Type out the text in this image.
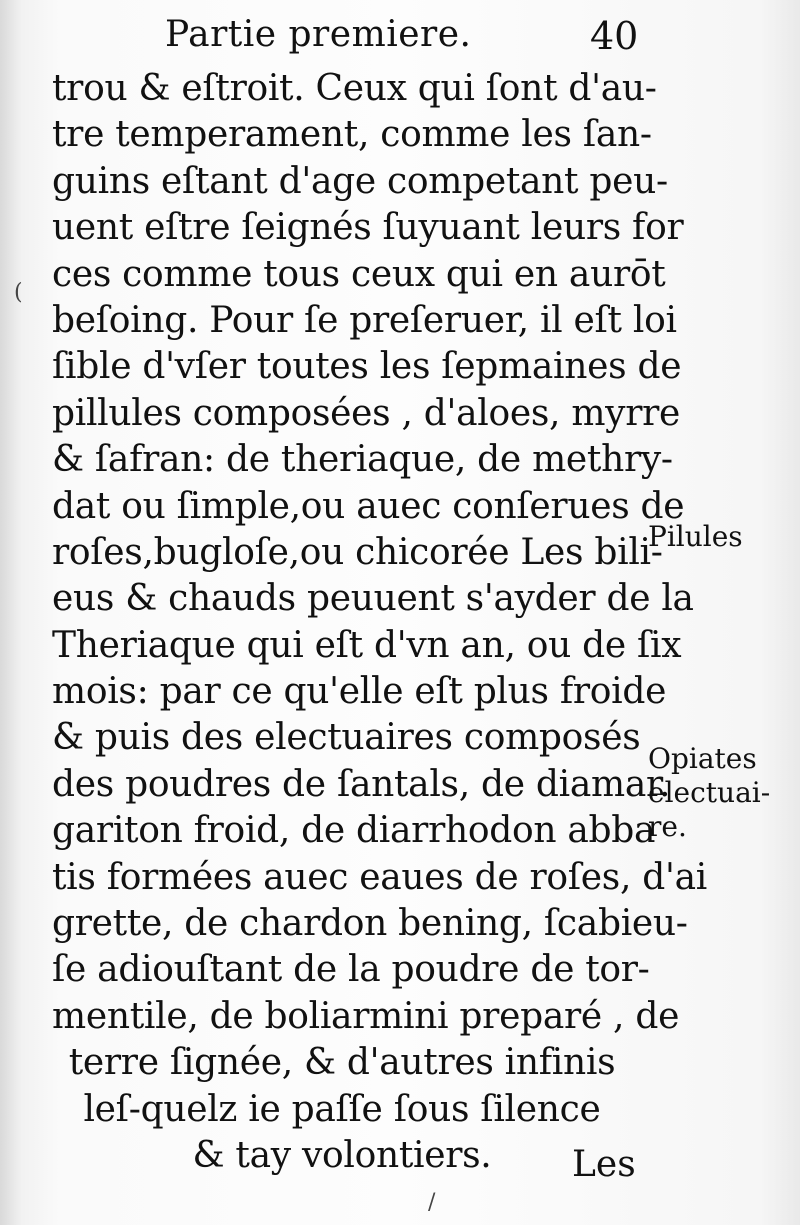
Partie premiere.	40
trou & eſtroit. Ceux qui ſont d'au-
tre temperament, comme les ſan-
guins eſtant d'age competant peu-
uent eſtre ſeignés ſuyuant leurs for
ces comme tous ceux qui en aurōt
beſoing. Pour ſe preſeruer, il eſt loi
ſible d'vſer toutes les ſepmaines de
pillules composées , d'aloes, myrre
& ſafran: de theriaque, de methry-
dat ou ſimple,ou auec conſerues de
roſes,bugloſe,ou chicorée Les bili-
eus & chauds peuuent s'ayder de la
Theriaque qui eſt d'vn an, ou de ſix
mois: par ce qu'elle eſt plus froide
& puis des electuaires composés
des poudres de ſantals, de diamar.
gariton froid, de diarrhodon abba
tis formées auec eaues de roſes, d'ai
grette, de chardon bening, ſcabieu-
ſe adiouſtant de la poudre de tor-
mentile, de boliarmini preparé , de
terre ſignée, & d'autres infinis
leſ-quelz ie paſſe ſous ſilence
& tay volontiers.
Pilules
Opiates electuai-re.
Les
(
/
